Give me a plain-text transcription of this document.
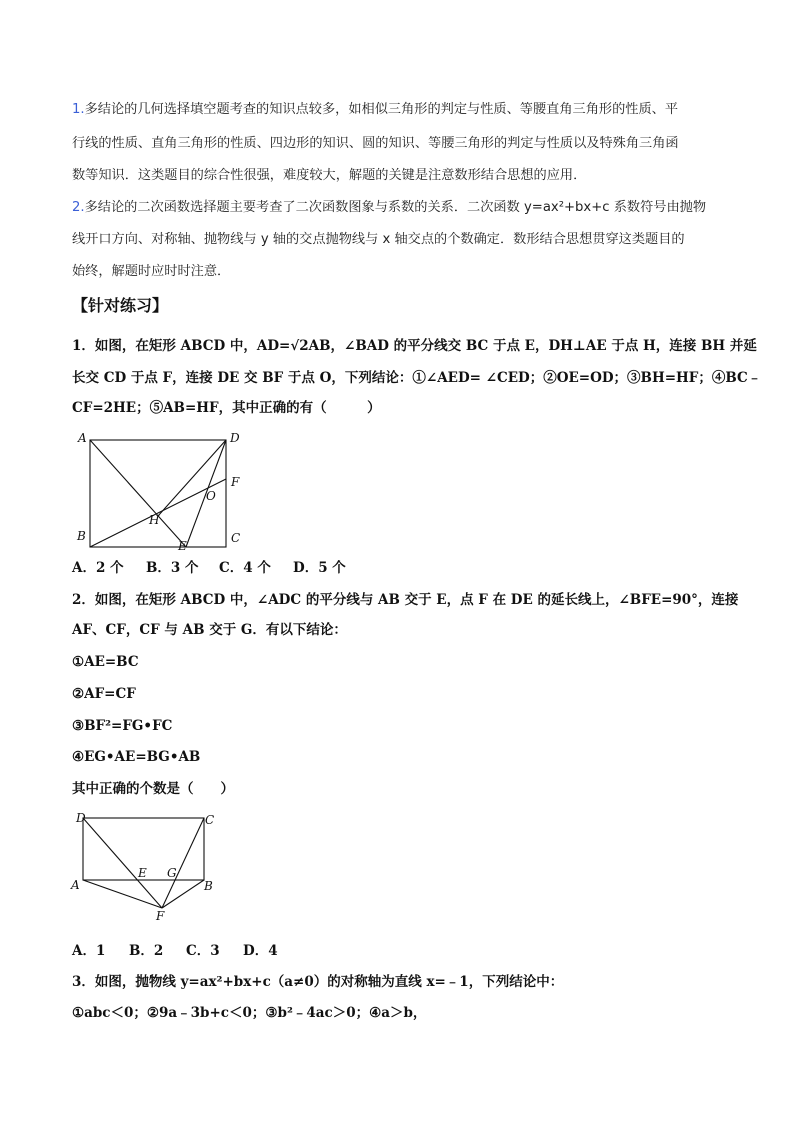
1.多结论的几何选择填空题考查的知识点较多，如相似三角形的判定与性质、等腰直角三角形的性质、平
行线的性质、直角三角形的性质、四边形的知识、圆的知识、等腰三角形的判定与性质以及特殊角三角函
数等知识．这类题目的综合性很强，难度较大，解题的关键是注意数形结合思想的应用．
2.多结论的二次函数选择题主要考查了二次函数图象与系数的关系．二次函数 y=ax²+bx+c 系数符号由抛物
线开口方向、对称轴、抛物线与 y 轴的交点抛物线与 x 轴交点的个数确定．数形结合思想贯穿这类题目的
始终，解题时应时时注意．
【针对练习】
1．如图，在矩形 ABCD 中，AD=√2AB，∠BAD 的平分线交 BC 于点 E，DH⊥AE 于点 H，连接 BH 并延
长交 CD 于点 F，连接 DE 交 BF 于点 O，下列结论：①∠AED= ∠CED；②OE=OD；③BH=HF；④BC﹣
CF=2HE；⑤AB=HF，其中正确的有（　　　）
A	D
F
O
H
B
E
C
A．2 个 B．3 个 C．4 个 D．5 个
2．如图，在矩形 ABCD 中，∠ADC 的平分线与 AB 交于 E，点 F 在 DE 的延长线上，∠BFE=90°，连接
AF、CF，CF 与 AB 交于 G．有以下结论：
①AE=BC
②AF=CF
③BF²=FG•FC
④EG•AE=BG•AB
其中正确的个数是（　　）
D	C
E G
A	B
F
A．1 B．2 C．3 D．4
3．如图，抛物线 y=ax²+bx+c（a≠0）的对称轴为直线 x=﹣1，下列结论中：
①abc＜0；②9a﹣3b+c＜0；③b²﹣4ac＞0；④a＞b，
